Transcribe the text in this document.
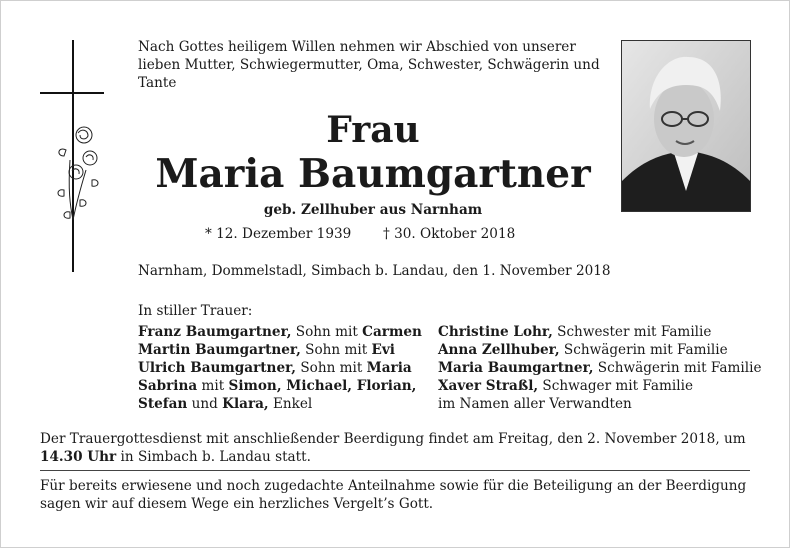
Nach Gottes heiligem Willen nehmen wir Abschied von unserer lieben Mutter, Schwiegermutter, Oma, Schwester, Schwägerin und Tante
Frau
Maria Baumgartner
geb. Zellhuber aus Narnham
* 12. Dezember 1939 † 30. Oktober 2018
Narnham, Dommelstadl, Simbach b. Landau, den 1. November 2018
In stiller Trauer:
Franz Baumgartner, Sohn mit Carmen
Martin Baumgartner, Sohn mit Evi
Ulrich Baumgartner, Sohn mit Maria
Sabrina mit Simon, Michael, Florian,
Stefan und Klara, Enkel
Christine Lohr, Schwester mit Familie
Anna Zellhuber, Schwägerin mit Familie
Maria Baumgartner, Schwägerin mit Familie
Xaver Straßl, Schwager mit Familie
im Namen aller Verwandten
Der Trauergottesdienst mit anschließender Beerdigung findet am Freitag, den 2. November 2018, um 14.30 Uhr in Simbach b. Landau statt.
Für bereits erwiesene und noch zugedachte Anteilnahme sowie für die Beteiligung an der Beerdigung sagen wir auf diesem Wege ein herzliches Vergelt’s Gott.
